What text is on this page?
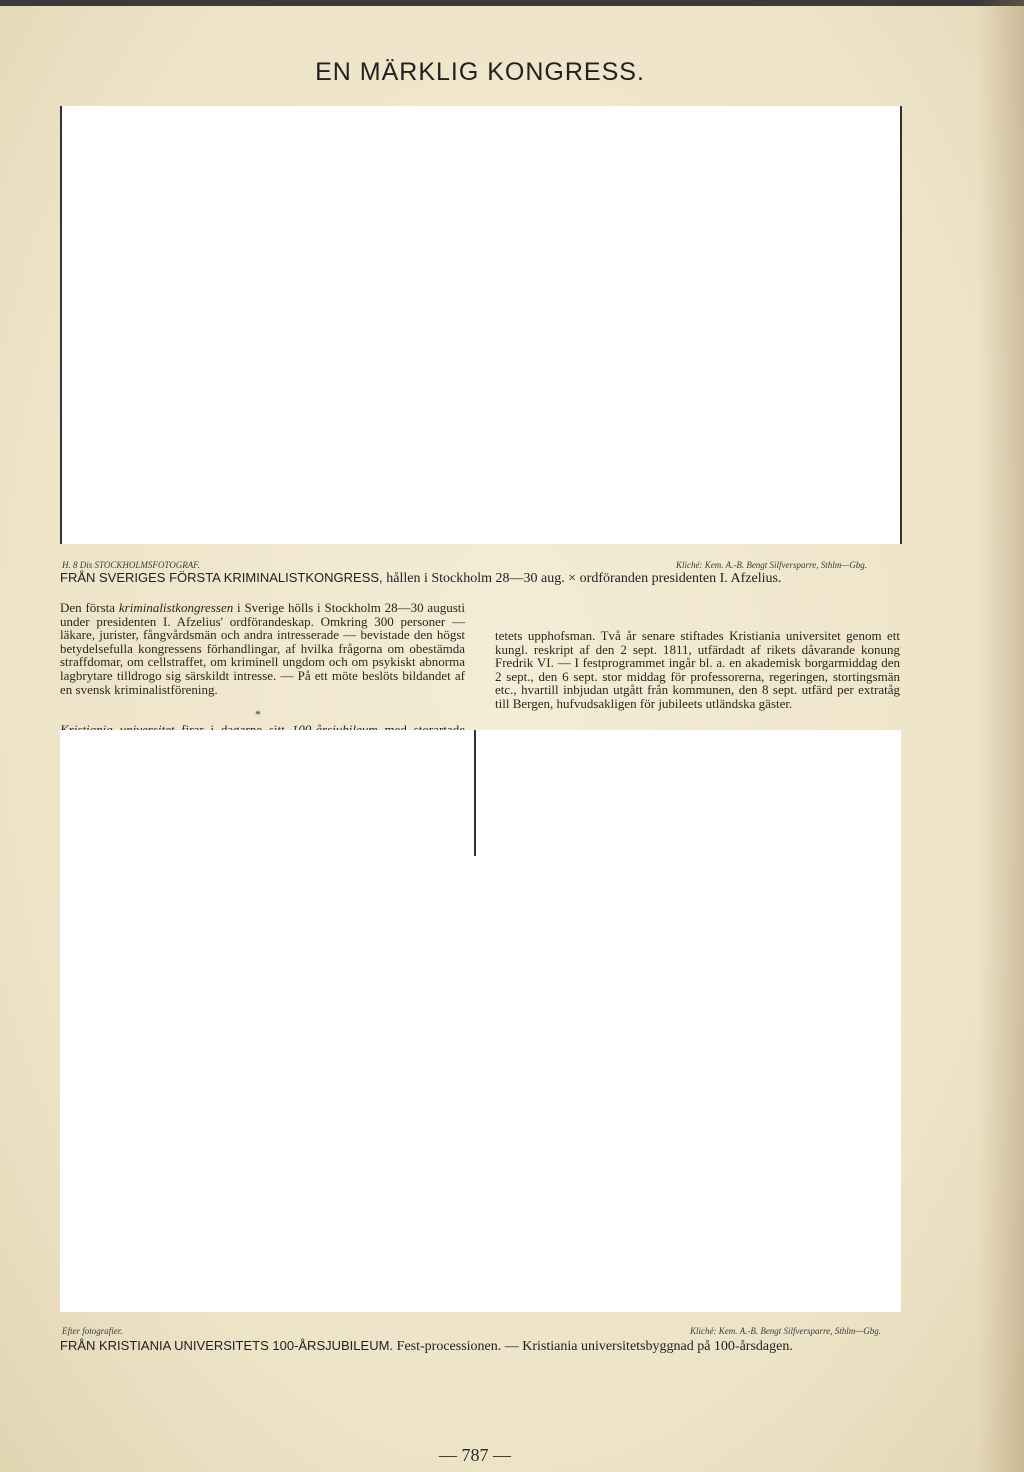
EN MÄRKLIG KONGRESS.
H. 8 Dis STOCKHOLMSFOTOGRAF.	Kliché: Kem. A.-B. Bengt Silfversparre, Sthlm—Gbg.
FRÅN SVERIGES FÖRSTA KRIMINALISTKONGRESS, hållen i Stockholm 28—30 aug. × ordföranden presidenten I. Afzelius.

Den första kriminalistkongressen i Sverige hölls i Stockholm 28—30 augusti under presidenten I. Afzelius' ordförandeskap. Omkring 300 personer — läkare, jurister, fångvårdsmän och andra intresserade — bevistade den högst betydelsefulla kongressens förhandlingar, af hvilka frågorna om obestämda straffdomar, om cellstraffet, om kriminell ungdom och om psykiskt abnorma lagbrytare tilldrogo sig särskildt intresse. — På ett möte beslöts bildandet af en svensk kriminalistförening.

tetets upphofsman. Två år senare stiftades Kristiania universitet genom ett kungl. reskript af den 2 sept. 1811, utfärdadt af rikets dåvarande konung Fredrik VI. — I festprogrammet ingår bl. a. en akademisk borgarmiddag den 2 sept., den 6 sept. stor middag för professorerna, regeringen, stortingsmän etc., hvartill inbjudan utgått från kommunen, den 8 sept. utfärd per extratåg till Bergen, hufvudsakligen för jubileets utländska gäster.

*

Efter fotografier.	Kliché: Kem. A.-B. Bengt Silfversparre, Sthlm—Gbg.
FRÅN KRISTIANIA UNIVERSITETS 100-ÅRSJUBILEUM. Fest-processionen. — Kristiania universitetsbyggnad på 100-årsdagen.
— 787 —
